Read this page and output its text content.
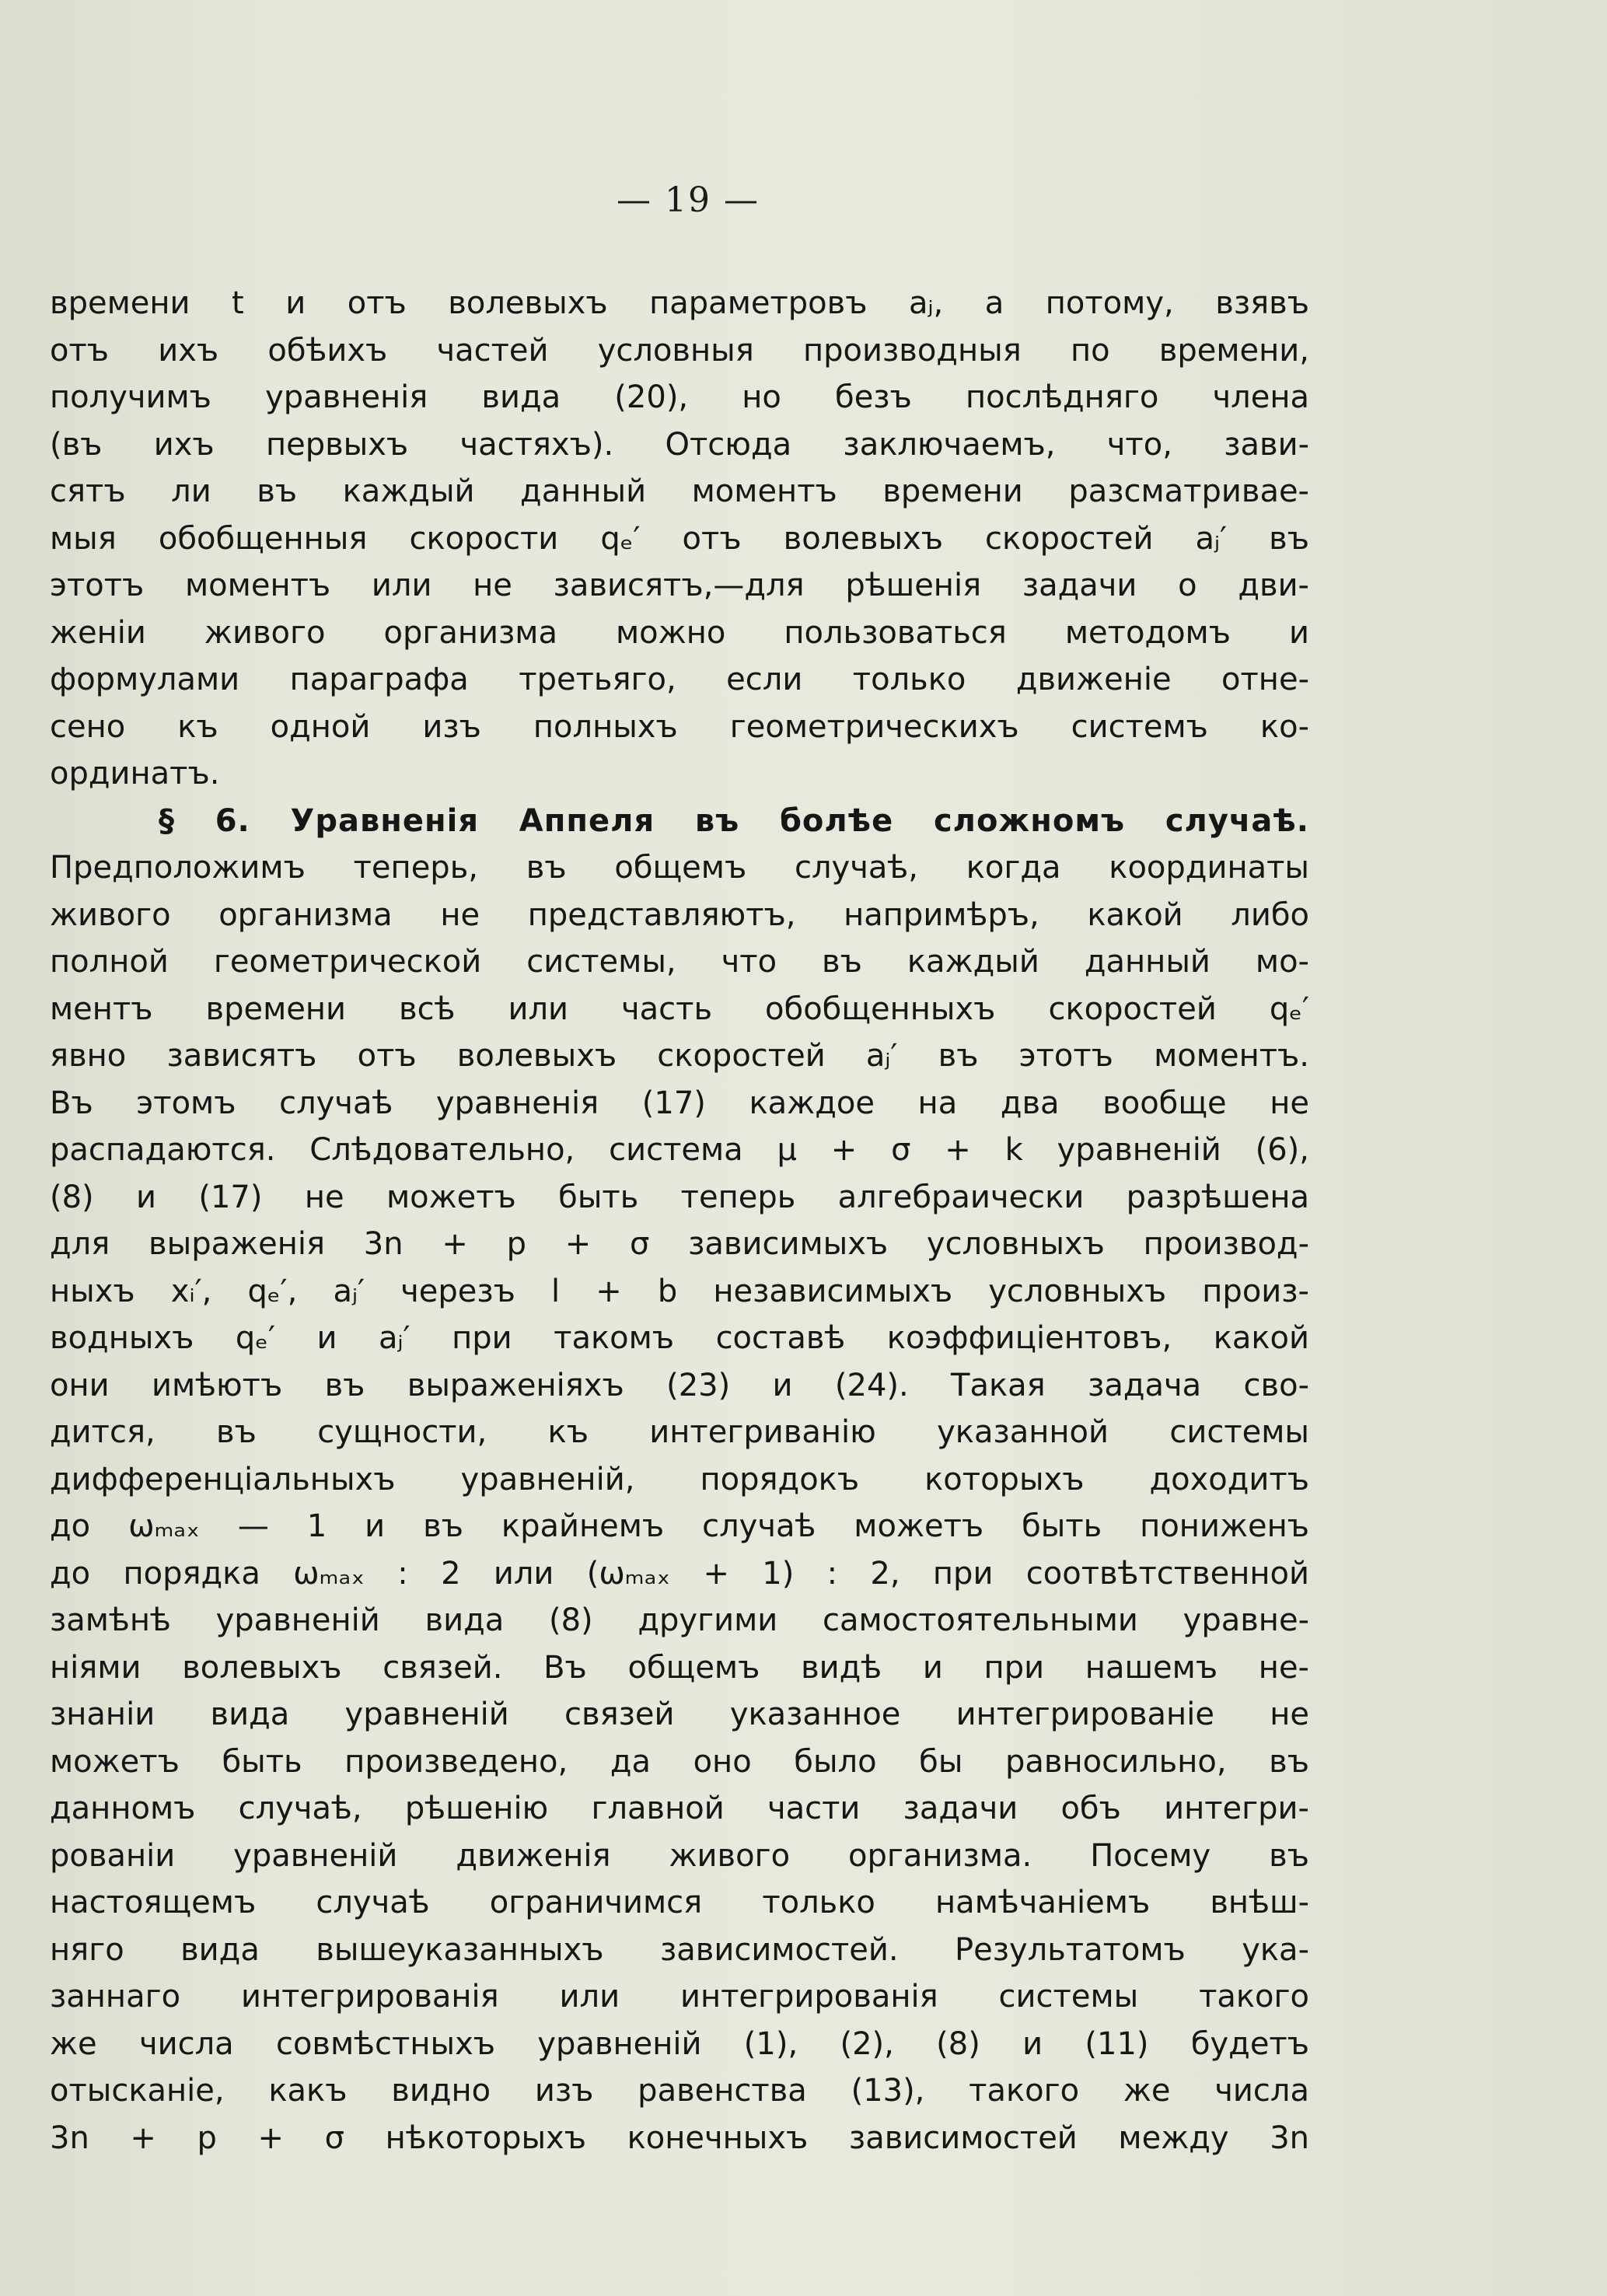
— 19 —
времени t и отъ волевыхъ параметровъ aⱼ, а потому, взявъ
отъ ихъ обѣихъ частей условныя производныя по времени,
получимъ уравненія вида (20), но безъ послѣдняго члена
(въ ихъ первыхъ частяхъ). Отсюда заключаемъ, что, зави-
сятъ ли въ каждый данный моментъ времени разсматривае-
мыя обобщенныя скорости qₑ′ отъ волевыхъ скоростей aⱼ′ въ
этотъ моментъ или не зависятъ,—для рѣшенія задачи о дви-
женіи живого организма можно пользоваться методомъ и
формулами параграфа третьяго, если только движеніе отне-
сено къ одной изъ полныхъ геометрическихъ системъ ко-
ординатъ.
§ 6. Уравненія Аппеля въ болѣе сложномъ случаѣ.
Предположимъ теперь, въ общемъ случаѣ, когда координаты
живого организма не представляютъ, напримѣръ, какой либо
полной геометрической системы, что въ каждый данный мо-
ментъ времени всѣ или часть обобщенныхъ скоростей qₑ′
явно зависятъ отъ волевыхъ скоростей aⱼ′ въ этотъ моментъ.
Въ этомъ случаѣ уравненія (17) каждое на два вообще не
распадаются. Слѣдовательно, система μ + σ + k уравненій (6),
(8) и (17) не можетъ быть теперь алгебраически разрѣшена
для выраженія 3n + p + σ зависимыхъ условныхъ производ-
ныхъ xᵢ′, qₑ′, aⱼ′ черезъ l + b независимыхъ условныхъ произ-
водныхъ qₑ′ и aⱼ′ при такомъ составѣ коэффиціентовъ, какой
они имѣютъ въ выраженіяхъ (23) и (24). Такая задача сво-
дится, въ сущности, къ интегриванію указанной системы
дифференціальныхъ уравненій, порядокъ которыхъ доходитъ
до ωₘₐₓ — 1 и въ крайнемъ случаѣ можетъ быть пониженъ
до порядка ωₘₐₓ : 2 или (ωₘₐₓ + 1) : 2, при соотвѣтственной
замѣнѣ уравненій вида (8) другими самостоятельными уравне-
ніями волевыхъ связей. Въ общемъ видѣ и при нашемъ не-
знаніи вида уравненій связей указанное интегрированіе не
можетъ быть произведено, да оно было бы равносильно, въ
данномъ случаѣ, рѣшенію главной части задачи объ интегри-
рованіи уравненій движенія живого организма. Посему въ
настоящемъ случаѣ ограничимся только намѣчаніемъ внѣш-
няго вида вышеуказанныхъ зависимостей. Результатомъ ука-
заннаго интегрированія или интегрированія системы такого
же числа совмѣстныхъ уравненій (1), (2), (8) и (11) будетъ
отысканіе, какъ видно изъ равенства (13), такого же числа
3n + p + σ нѣкоторыхъ конечныхъ зависимостей между 3n
